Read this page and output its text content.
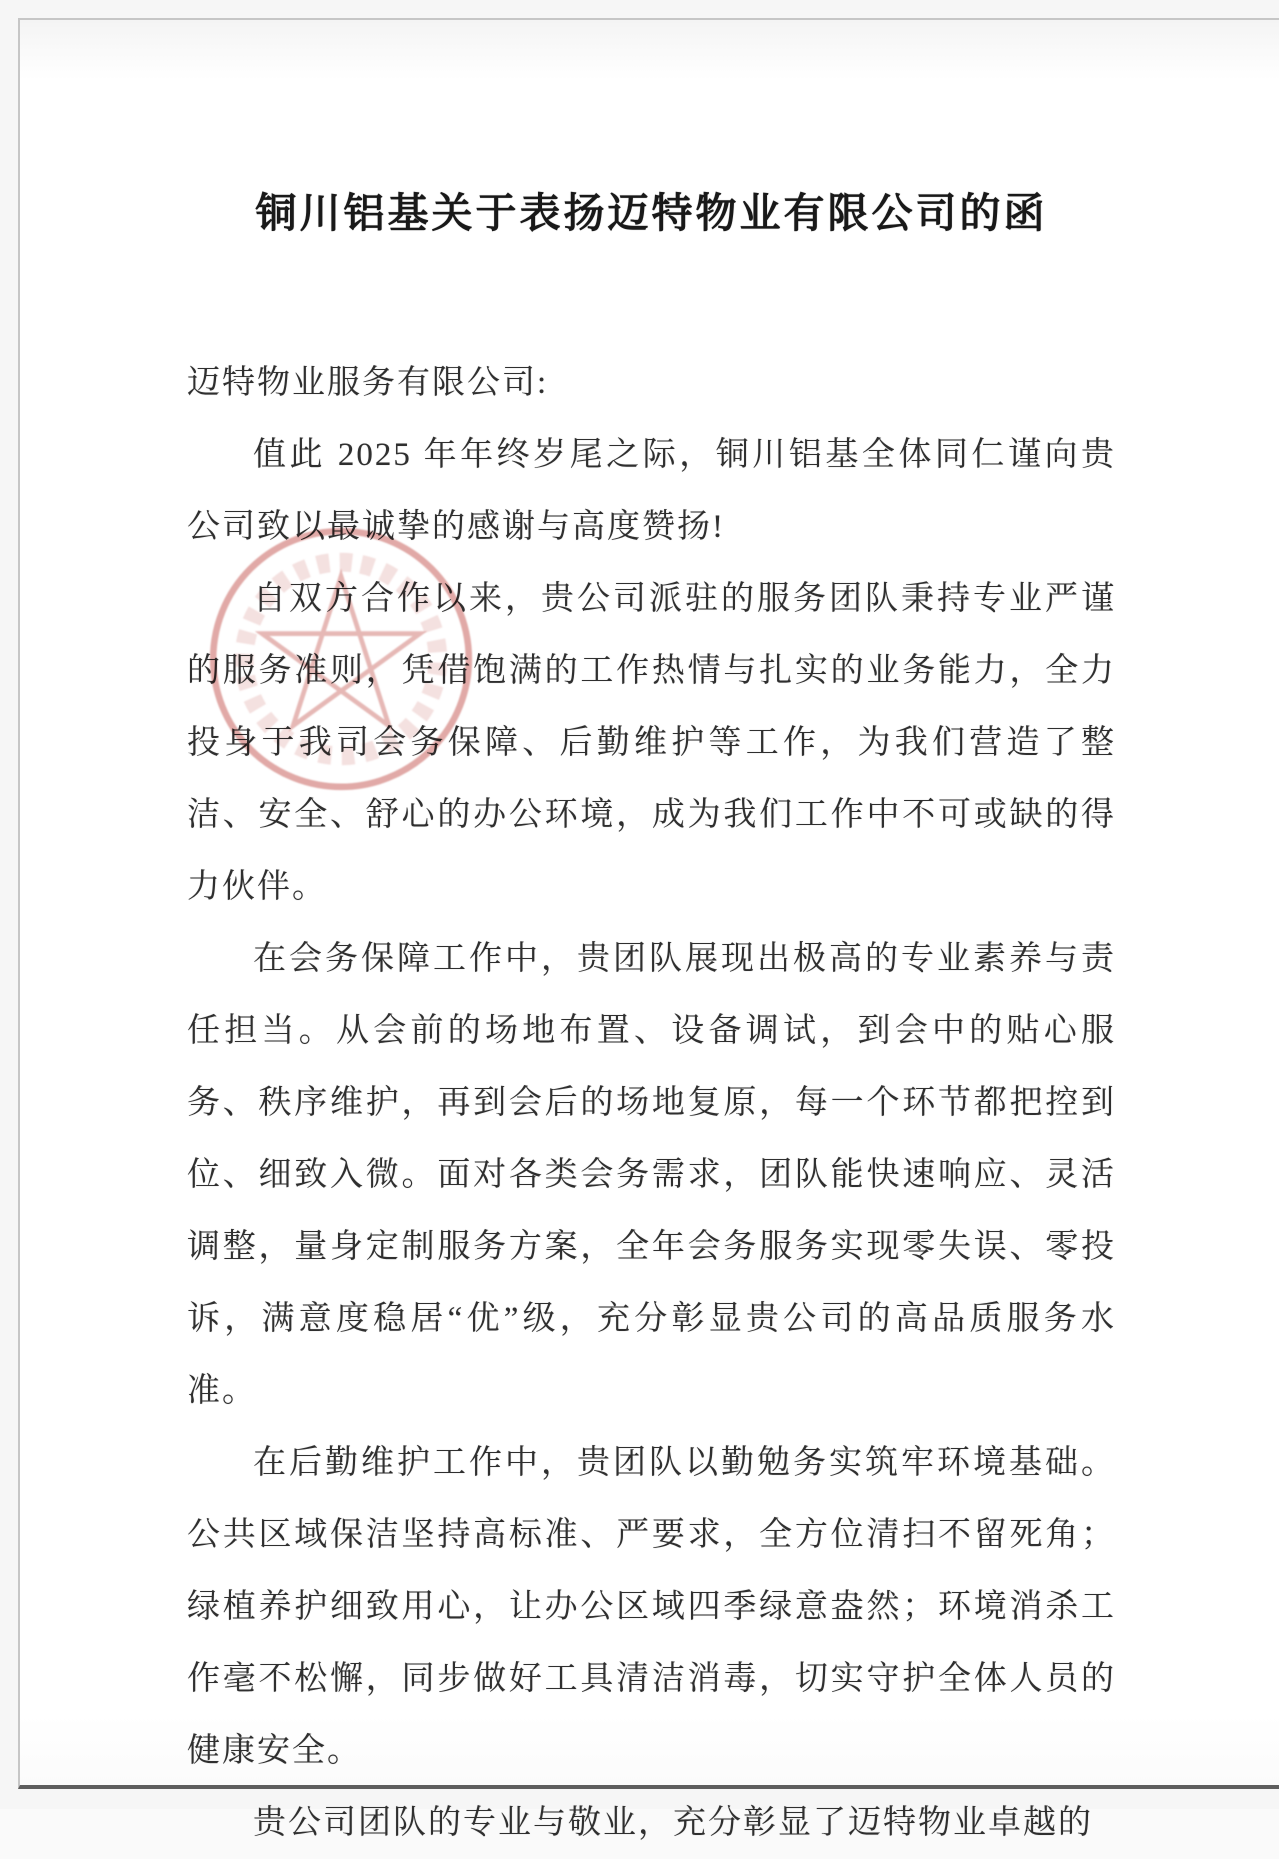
铜川铝基关于表扬迈特物业有限公司的函

迈特物业服务有限公司:

值此 2025 年年终岁尾之际，铜川铝基全体同仁谨向贵公司致以最诚挚的感谢与高度赞扬!

自双方合作以来，贵公司派驻的服务团队秉持专业严谨的服务准则，凭借饱满的工作热情与扎实的业务能力，全力投身于我司会务保障、后勤维护等工作，为我们营造了整洁、安全、舒心的办公环境，成为我们工作中不可或缺的得力伙伴。

在会务保障工作中，贵团队展现出极高的专业素养与责任担当。从会前的场地布置、设备调试，到会中的贴心服务、秩序维护，再到会后的场地复原，每一个环节都把控到位、细致入微。面对各类会务需求，团队能快速响应、灵活调整，量身定制服务方案，全年会务服务实现零失误、零投诉，满意度稳居“优”级，充分彰显贵公司的高品质服务水准。

在后勤维护工作中，贵团队以勤勉务实筑牢环境基础。公共区域保洁坚持高标准、严要求，全方位清扫不留死角；绿植养护细致用心，让办公区域四季绿意盎然；环境消杀工作毫不松懈，同步做好工具清洁消毒，切实守护全体人员的健康安全。

贵公司团队的专业与敬业，充分彰显了迈特物业卓越的
